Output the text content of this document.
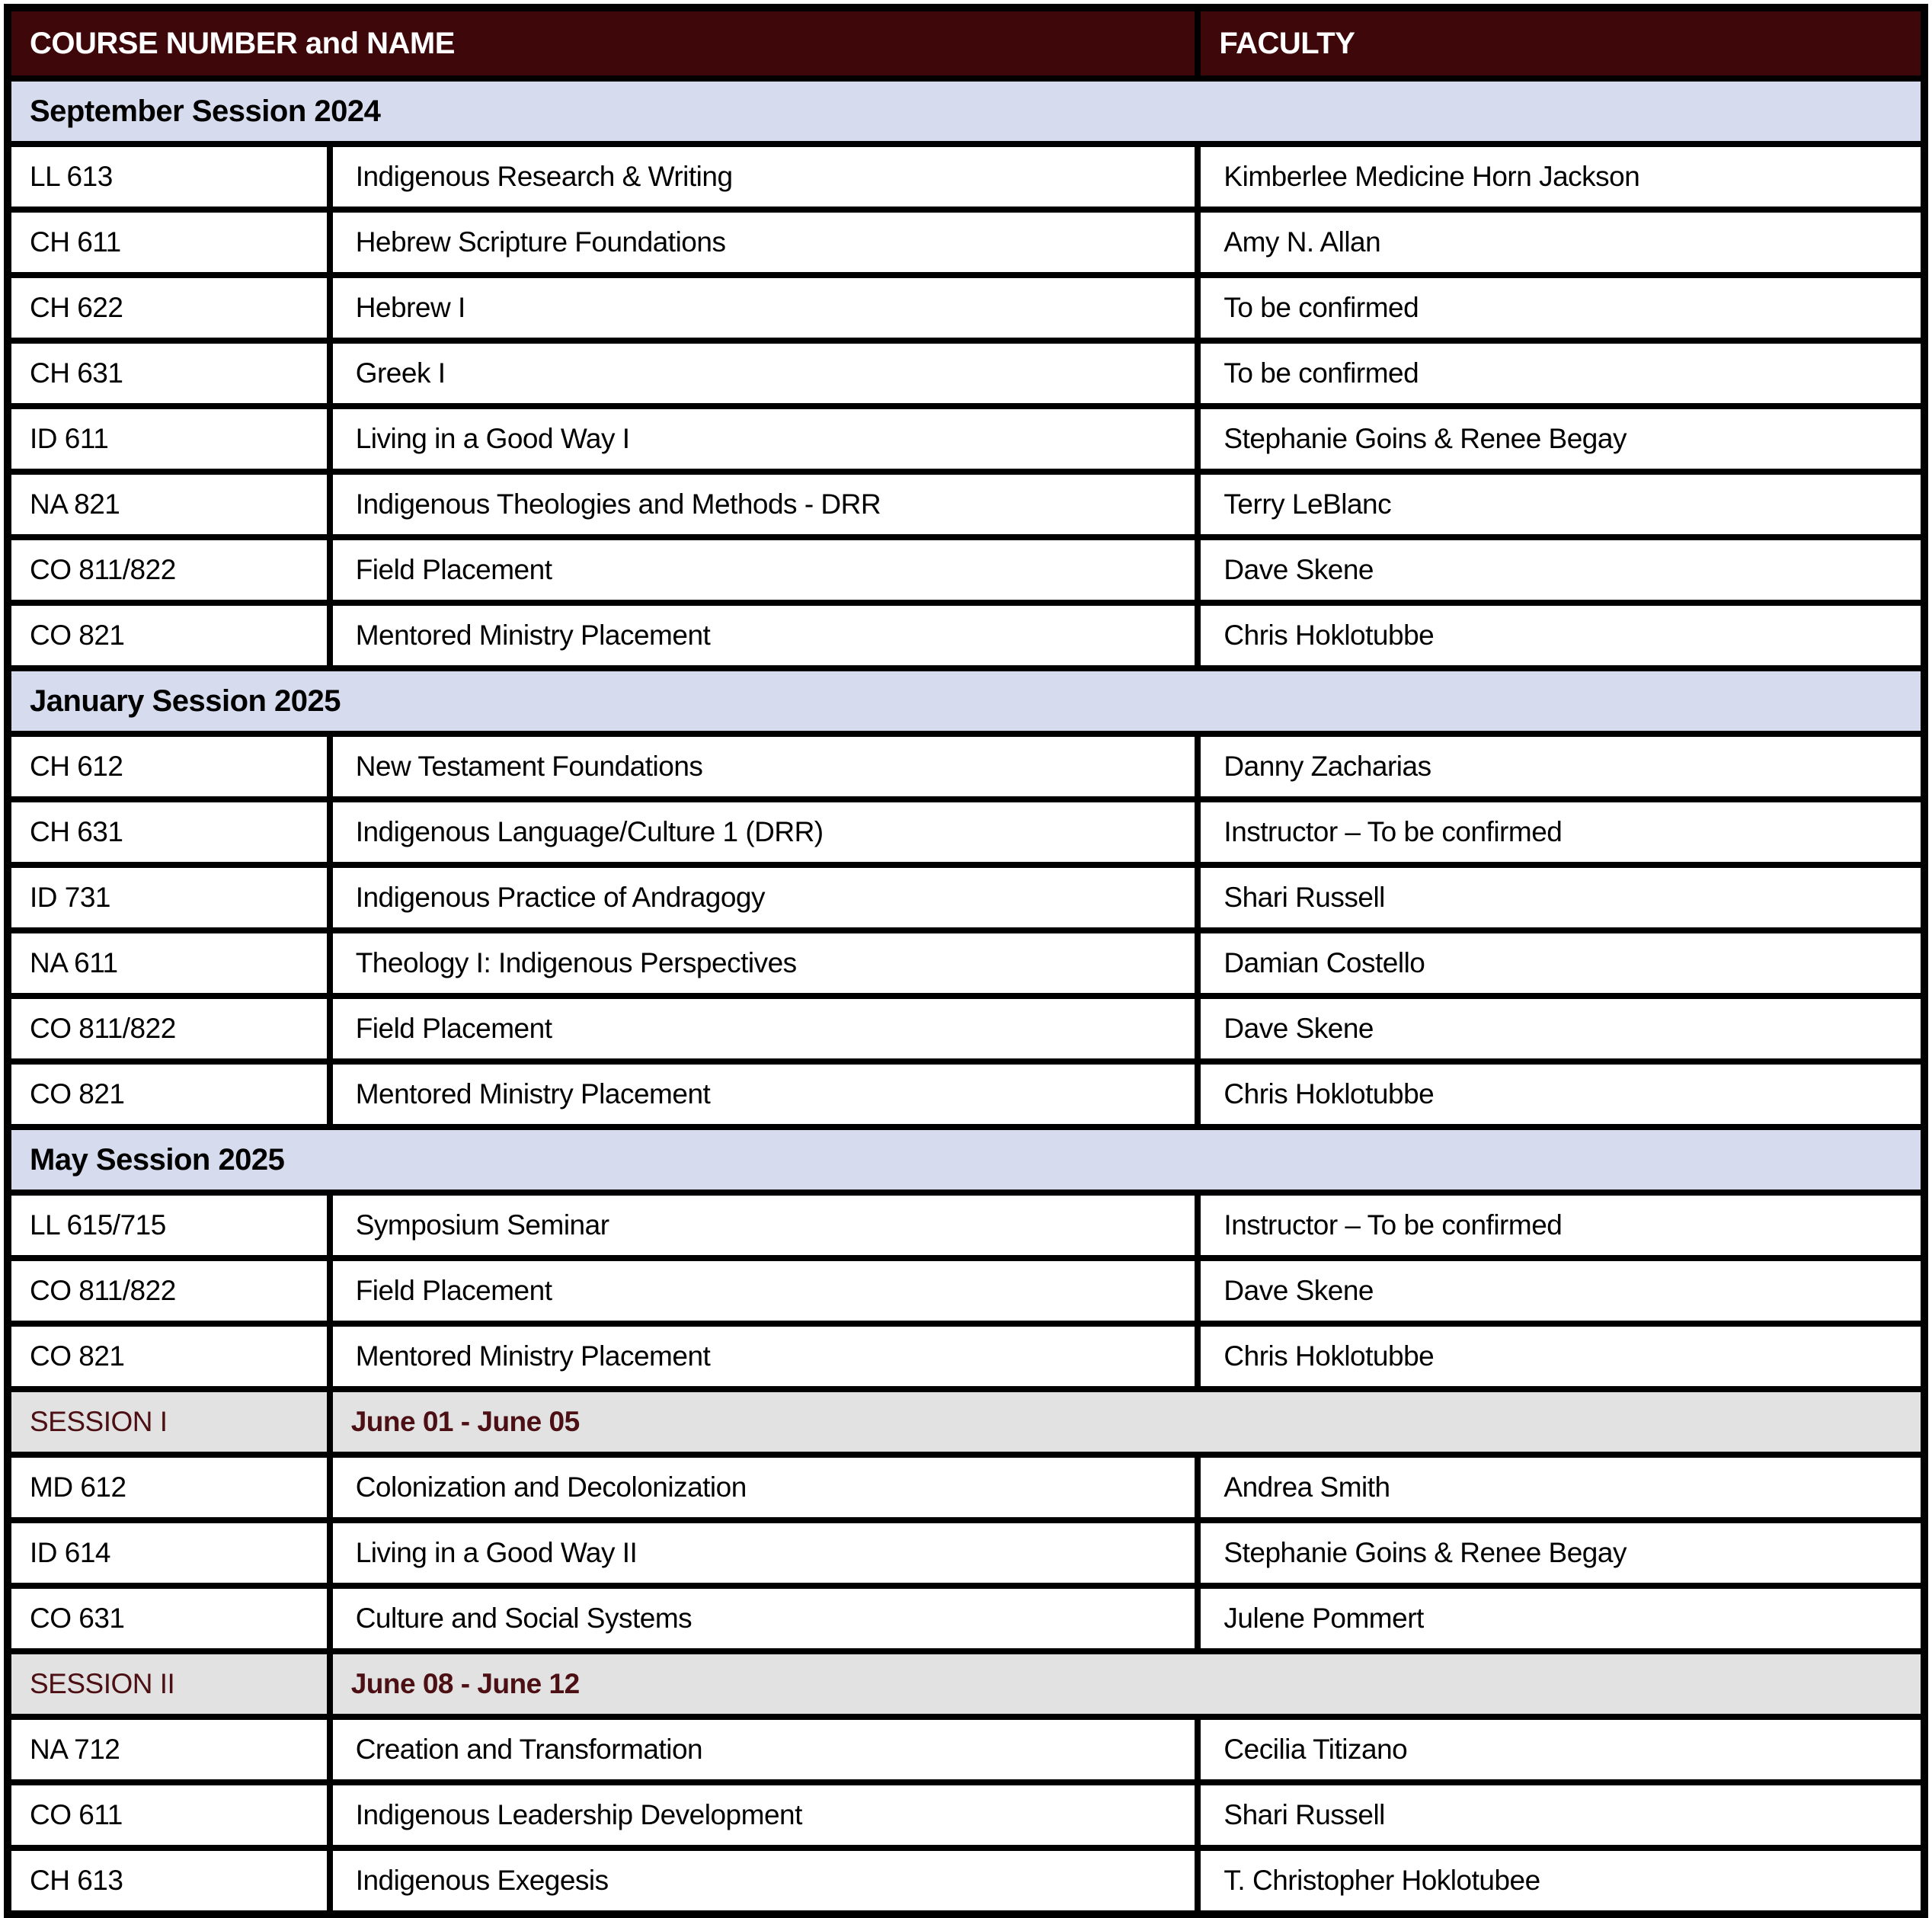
COURSE NUMBER and NAME		FACULTY
September Session 2024		
LL 613	Indigenous Research & Writing	Kimberlee Medicine Horn Jackson
CH 611	Hebrew Scripture Foundations	Amy N. Allan
CH 622	Hebrew I	To be confirmed
CH 631	Greek I	To be confirmed
ID 611	Living in a Good Way I	Stephanie Goins & Renee Begay
NA 821	Indigenous Theologies and Methods - DRR	Terry LeBlanc
CO 811/822	Field Placement	Dave Skene
CO 821	Mentored Ministry Placement	Chris Hoklotubbe
January Session 2025		
CH 612	New Testament Foundations	Danny Zacharias
CH 631	Indigenous Language/Culture 1 (DRR)	Instructor – To be confirmed
ID 731	Indigenous Practice of Andragogy	Shari Russell
NA 611	Theology I: Indigenous Perspectives	Damian Costello
CO 811/822	Field Placement	Dave Skene
CO 821	Mentored Ministry Placement	Chris Hoklotubbe
May Session 2025		
LL 615/715	Symposium Seminar	Instructor – To be confirmed
CO 811/822	Field Placement	Dave Skene
CO 821	Mentored Ministry Placement	Chris Hoklotubbe
SESSION I	June 01 - June 05	
MD 612	Colonization and Decolonization	Andrea Smith
ID 614	Living in a Good Way II	Stephanie Goins & Renee Begay
CO 631	Culture and Social Systems	Julene Pommert
SESSION II	June 08 - June 12	
NA 712	Creation and Transformation	Cecilia Titizano
CO 611	Indigenous Leadership Development	Shari Russell
CH 613	Indigenous Exegesis	T. Christopher Hoklotubee
